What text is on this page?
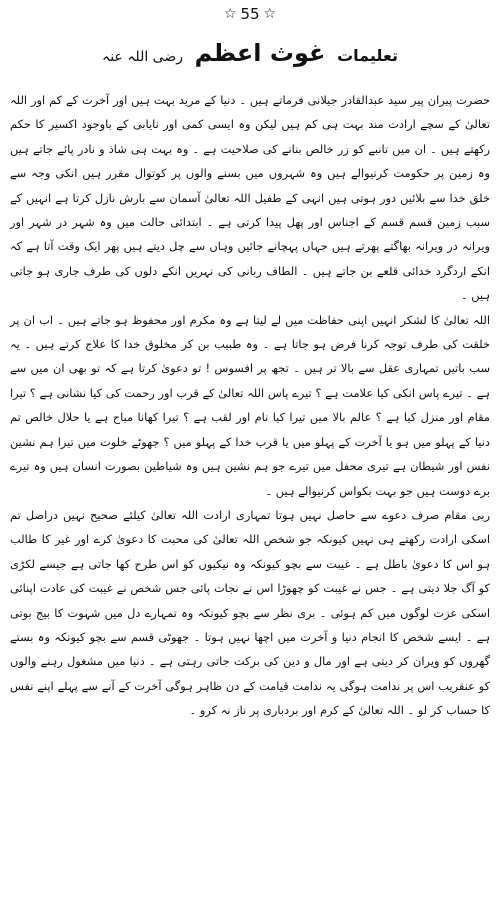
☆ 55 ☆
تعلیمات غوث اعظم رضی اللہ عنہ

حضرت پیران پیر سید عبدالقادر جیلانی فرماتے ہیں ۔ دنیا کے مرید بہت ہیں اور آخرت کے کم اور اللہ تعالیٰ کے سچے ارادت مند بہت ہی کم ہیں لیکن وہ ایسی کمی اور نایابی کے باوجود اکسیر کا حکم رکھتے ہیں ۔ ان میں تانبے کو زر خالص بنانے کی صلاحیت ہے ۔ وہ بہت ہی شاذ و نادر پائے جاتے ہیں وہ زمین پر حکومت کرنیوالے ہیں وہ شہروں میں بسنے والوں پر کوتوال مقرر ہیں انکی وجہ سے خلق خدا سے بلائیں دور ہوتی ہیں انہی کے طفیل اللہ تعالیٰ آسمان سے بارش نازل کرتا ہے انہیں کے سبب زمین قسم قسم کے اجناس اور پھل پیدا کرتی ہے ۔ ابتدائی حالت میں وہ شہر در شہر اور ویرانہ در ویرانہ بھاگتے پھرتے ہیں جہاں پہچانے جائیں وہاں سے چل دیتے ہیں پھر ایک وقت آتا ہے کہ انکے اردگرد خدائی قلعے بن جاتے ہیں ۔ الطاف ربانی کی نہریں انکے دلوں کی طرف جاری ہو جاتی ہیں ۔

اللہ تعالیٰ کا لشکر انہیں اپنی حفاظت میں لے لیتا ہے وہ مکرم اور محفوظ ہو جاتے ہیں ۔ اب ان پر خلقت کی طرف توجہ کرنا فرض ہو جاتا ہے ۔ وہ طبیب بن کر مخلوق خدا کا علاج کرتے ہیں ۔ یہ سب باتیں تمہاری عقل سے بالا تر ہیں ۔ تجھ پر افسوس ! تو دعویٰ کرتا ہے کہ تو بھی ان میں سے ہے ۔ تیرے پاس انکی کیا علامت ہے ؟ تیرے پاس اللہ تعالیٰ کے قرب اور رحمت کی کیا نشانی ہے ؟ تیرا مقام اور منزل کیا ہے ؟ عالم بالا میں تیرا کیا نام اور لقب ہے ؟ تیرا کھانا مباح ہے یا حلال خالص تم دنیا کے پہلو میں ہو یا آخرت کے پہلو میں یا قرب خدا کے پہلو میں ؟ جھوٹے خلوت میں تیرا ہم نشین نفس اور شیطان ہے تیری محفل میں تیرے جو ہم نشین ہیں وہ شیاطین بصورت انسان ہیں وہ تیرے برے دوست ہیں جو بہت بکواس کرنیوالے ہیں ۔

ربی مقام صرف دعوے سے حاصل نہیں ہوتا تمہاری ارادت اللہ تعالیٰ کیلئے صحیح نہیں دراصل تم اسکی ارادت رکھتے ہی نہیں کیونکہ جو شخص اللہ تعالیٰ کی محبت کا دعویٰ کرے اور غیر کا طالب ہو اس کا دعویٰ باطل ہے ۔ غیبت سے بچو کیونکہ وہ نیکیوں کو اس طرح کھا جاتی ہے جیسے لکڑی کو آگ جلا دیتی ہے ۔ جس نے غیبت کو چھوڑا اس نے نجات پائی جس شخص نے غیبت کی عادت اپنائی اسکی عزت لوگوں میں کم ہوئی ۔ بری نظر سے بچو کیونکہ وہ تمہارے دل میں شہوت کا بیج بوتی ہے ۔ ایسے شخص کا انجام دنیا و آخرت میں اچھا نہیں ہوتا ۔ جھوٹی قسم سے بچو کیونکہ وہ بستے گھروں کو ویران کر دیتی ہے اور مال و دین کی برکت جاتی رہتی ہے ۔ دنیا میں مشغول رہنے والوں کو عنقریب اس پر ندامت ہوگی یہ ندامت قیامت کے دن ظاہر ہوگی آخرت کے آنے سے پہلے اپنے نفس کا حساب کر لو ۔ اللہ تعالیٰ کے کرم اور بردباری پر ناز نہ کرو ۔
